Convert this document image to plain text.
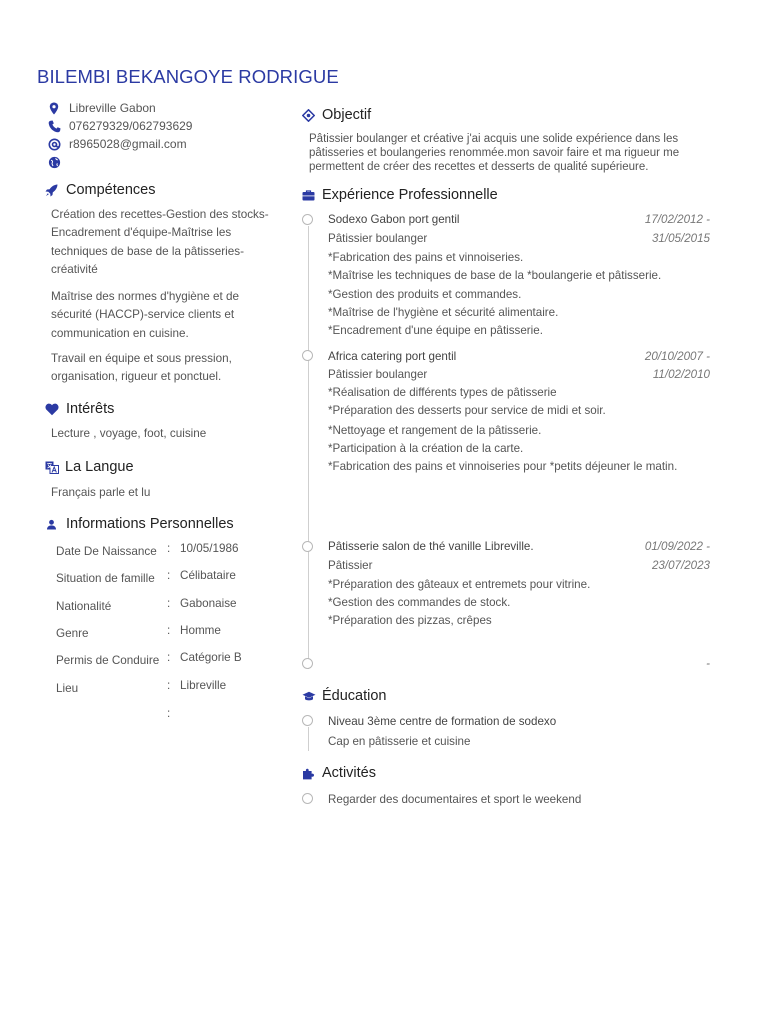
BILEMBI BEKANGOYE RODRIGUE
Libreville Gabon
076279329/062793629
r8965028@gmail.com
Compétences
Création des recettes-Gestion des stocks-Encadrement d'équipe-Maîtrise les techniques de base de la pâtisseries-créativité
Maîtrise des normes d'hygiène et de sécurité (HACCP)-service clients et communication en cuisine.
Travail en équipe et sous pression, organisation, rigueur et ponctuel.
Intérêts
Lecture , voyage, foot, cuisine
La Langue
Français parle et lu
Informations Personnelles
Date De Naissance : 10/05/1986
Situation de famille : Célibataire
Nationalité	: Gabonaise
Genre	: Homme
Permis de Conduire : Catégorie B
Lieu	: Libreville
:
Objectif
Pâtissier boulanger et créative j'ai acquis une solide expérience dans les pâtisseries et boulangeries renommée.mon savoir faire et ma rigueur me permettent de créer des recettes et desserts de qualité supérieure.
Expérience Professionnelle
Sodexo Gabon port gentil	17/02/2012 -
Pâtissier boulanger	31/05/2015
*Fabrication des pains et vinnoiseries.
*Maîtrise les techniques de base de la *boulangerie et pâtisserie.
*Gestion des produits et commandes.
*Maîtrise de l'hygiène et sécurité alimentaire.
*Encadrement d'une équipe en pâtisserie.
Africa catering port gentil	20/10/2007 -
Pâtissier boulanger	11/02/2010
*Réalisation de différents types de pâtisserie
*Préparation des desserts pour service de midi et soir.
*Nettoyage et rangement de la pâtisserie.
*Participation à la création de la carte.
*Fabrication des pains et vinnoiseries pour *petits déjeuner le matin.
Pâtisserie salon de thé vanille Libreville.	01/09/2022 -
Pâtissier	23/07/2023
*Préparation des gâteaux et entremets pour vitrine.
*Gestion des commandes de stock.
*Préparation des pizzas, crêpes
-
Éducation
Niveau 3ème centre de formation de sodexo
Cap en pâtisserie et cuisine
Activités
Regarder des documentaires et sport le weekend
